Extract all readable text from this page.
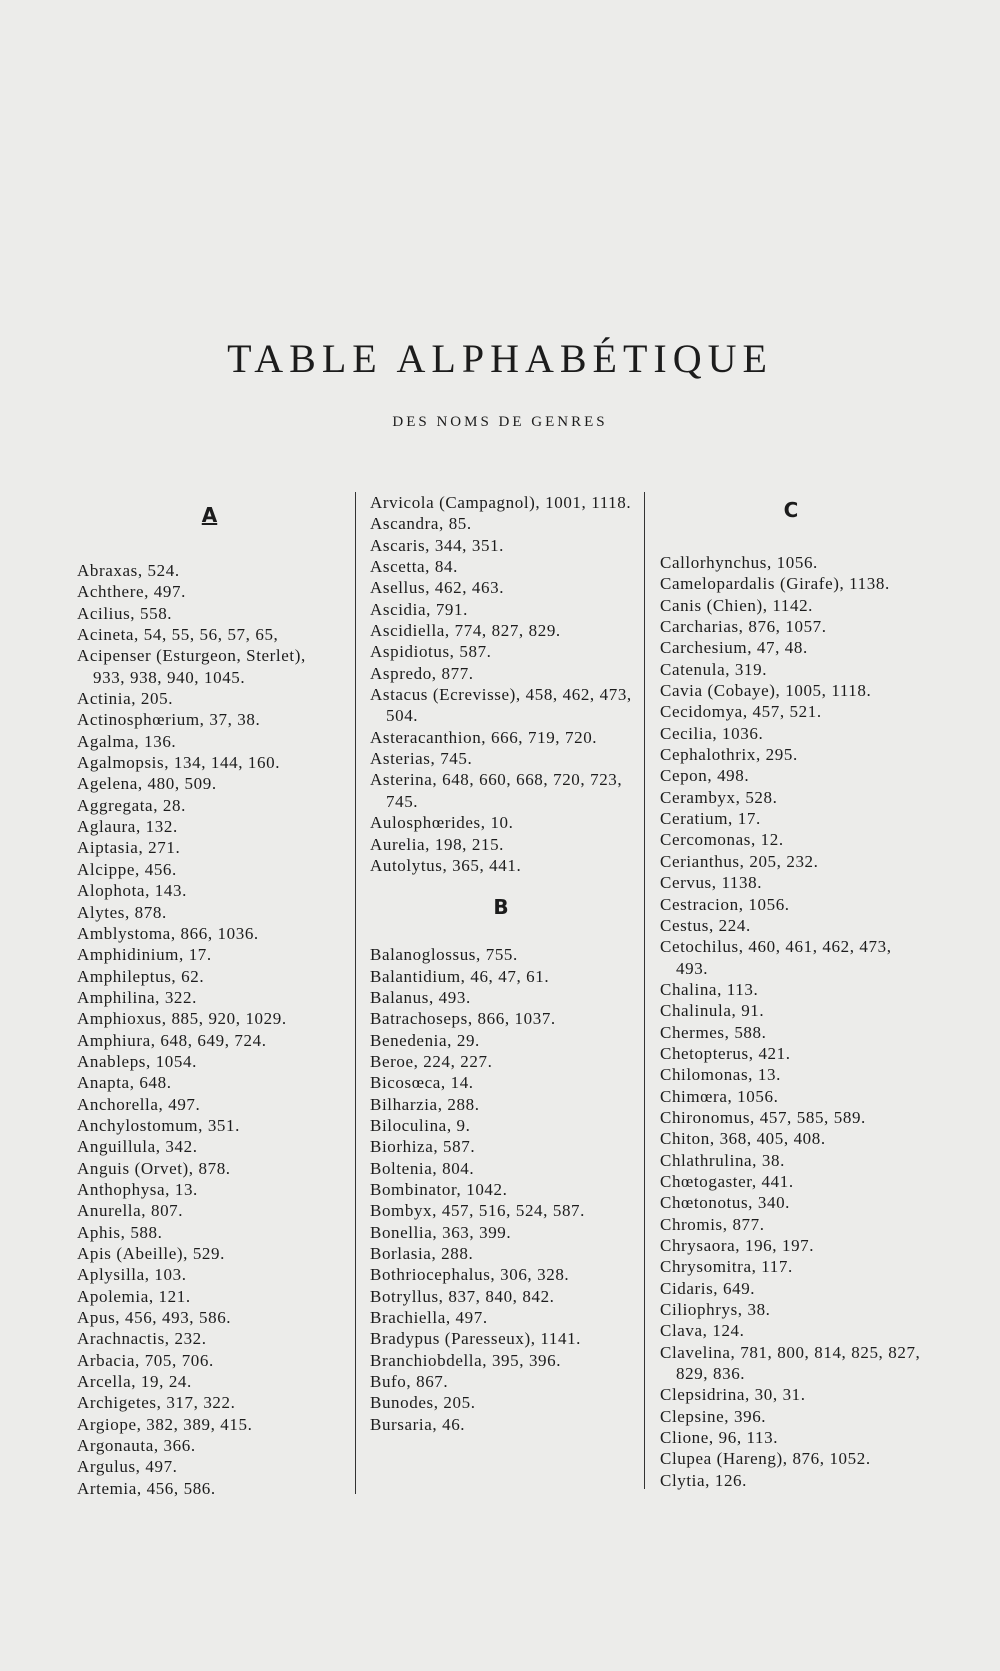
TABLE ALPHABÉTIQUE
DES NOMS DE GENRES
A
Abraxas, 524.
Achthere, 497.
Acilius, 558.
Acineta, 54, 55, 56, 57, 65,
Acipenser (Esturgeon, Sterlet), 933, 938, 940, 1045.
Actinia, 205.
Actinosphœrium, 37, 38.
Agalma, 136.
Agalmopsis, 134, 144, 160.
Agelena, 480, 509.
Aggregata, 28.
Aglaura, 132.
Aiptasia, 271.
Alcippe, 456.
Alophota, 143.
Alytes, 878.
Amblystoma, 866, 1036.
Amphidinium, 17.
Amphileptus, 62.
Amphilina, 322.
Amphioxus, 885, 920, 1029.
Amphiura, 648, 649, 724.
Anableps, 1054.
Anapta, 648.
Anchorella, 497.
Anchylostomum, 351.
Anguillula, 342.
Anguis (Orvet), 878.
Anthophysa, 13.
Anurella, 807.
Aphis, 588.
Apis (Abeille), 529.
Aplysilla, 103.
Apolemia, 121.
Apus, 456, 493, 586.
Arachnactis, 232.
Arbacia, 705, 706.
Arcella, 19, 24.
Archigetes, 317, 322.
Argiope, 382, 389, 415.
Argonauta, 366.
Argulus, 497.
Artemia, 456, 586.
Arvicola (Campagnol), 1001, 1118.
Ascandra, 85.
Ascaris, 344, 351.
Ascetta, 84.
Asellus, 462, 463.
Ascidia, 791.
Ascidiella, 774, 827, 829.
Aspidiotus, 587.
Aspredo, 877.
Astacus (Ecrevisse), 458, 462, 473, 504.
Asteracanthion, 666, 719, 720.
Asterias, 745.
Asterina, 648, 660, 668, 720, 723, 745.
Aulosphœrides, 10.
Aurelia, 198, 215.
Autolytus, 365, 441.
B
Balanoglossus, 755.
Balantidium, 46, 47, 61.
Balanus, 493.
Batrachoseps, 866, 1037.
Benedenia, 29.
Beroe, 224, 227.
Bicosœca, 14.
Bilharzia, 288.
Biloculina, 9.
Biorhiza, 587.
Boltenia, 804.
Bombinator, 1042.
Bombyx, 457, 516, 524, 587.
Bonellia, 363, 399.
Borlasia, 288.
Bothriocephalus, 306, 328.
Botryllus, 837, 840, 842.
Brachiella, 497.
Bradypus (Paresseux), 1141.
Branchiobdella, 395, 396.
Bufo, 867.
Bunodes, 205.
Bursaria, 46.
C
Callorhynchus, 1056.
Camelopardalis (Girafe), 1138.
Canis (Chien), 1142.
Carcharias, 876, 1057.
Carchesium, 47, 48.
Catenula, 319.
Cavia (Cobaye), 1005, 1118.
Cecidomya, 457, 521.
Cecilia, 1036.
Cephalothrix, 295.
Cepon, 498.
Cerambyx, 528.
Ceratium, 17.
Cercomonas, 12.
Cerianthus, 205, 232.
Cervus, 1138.
Cestracion, 1056.
Cestus, 224.
Cetochilus, 460, 461, 462, 473, 493.
Chalina, 113.
Chalinula, 91.
Chermes, 588.
Chetopterus, 421.
Chilomonas, 13.
Chimœra, 1056.
Chironomus, 457, 585, 589.
Chiton, 368, 405, 408.
Chlathrulina, 38.
Chœtogaster, 441.
Chœtonotus, 340.
Chromis, 877.
Chrysaora, 196, 197.
Chrysomitra, 117.
Cidaris, 649.
Ciliophrys, 38.
Clava, 124.
Clavelina, 781, 800, 814, 825, 827, 829, 836.
Clepsidrina, 30, 31.
Clepsine, 396.
Clione, 96, 113.
Clupea (Hareng), 876, 1052.
Clytia, 126.
